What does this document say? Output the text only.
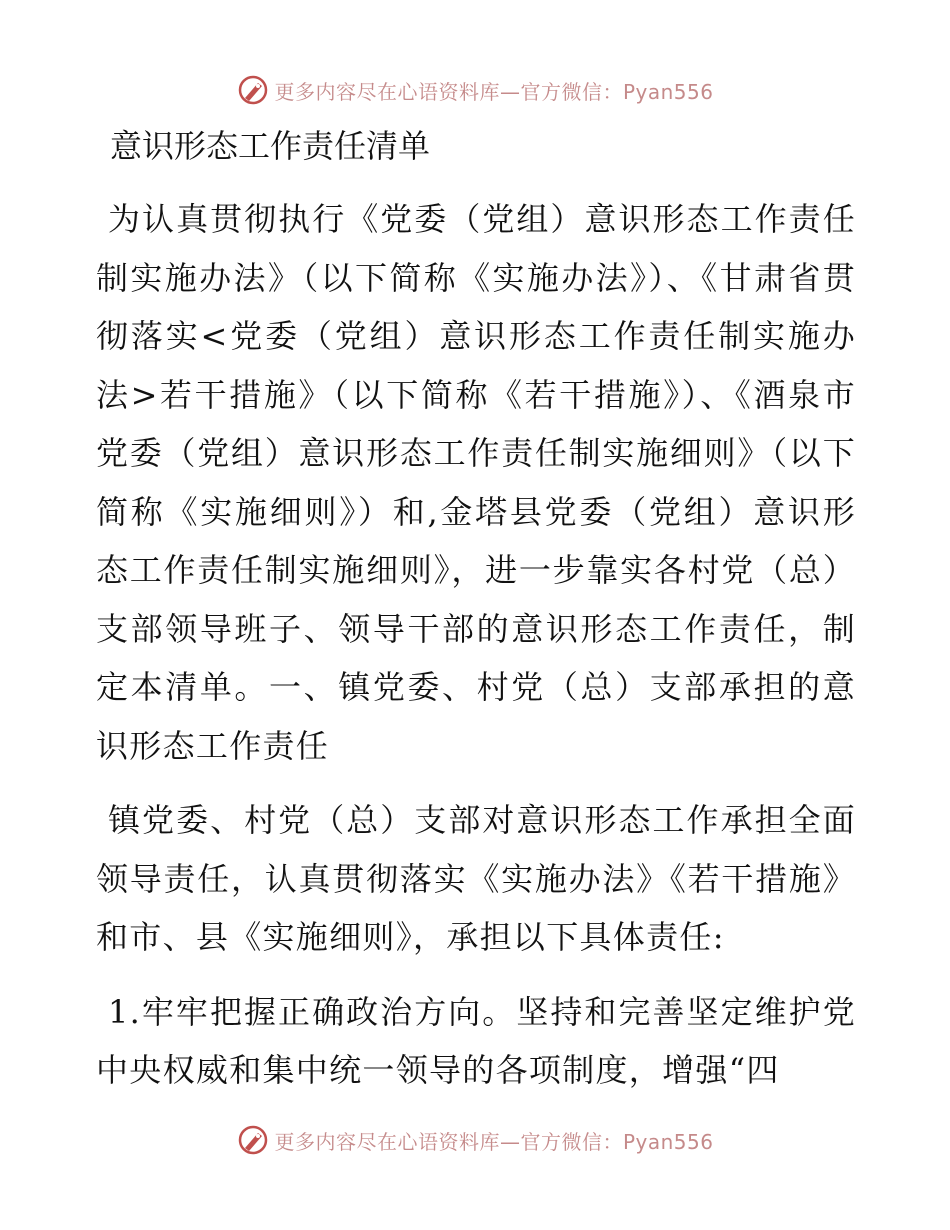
更多内容尽在心语资料库—官方微信：Pyan556
意识形态工作责任清单

为认真贯彻执行《党委（党组）意识形态工作责任制实施办法》（以下简称《实施办法》）、《甘肃省贯彻落实<党委（党组）意识形态工作责任制实施办法>若干措施》（以下简称《若干措施》）、《酒泉市党委（党组）意识形态工作责任制实施细则》（以下简称《实施细则》）和,金塔县党委（党组）意识形态工作责任制实施细则》，进一步靠实各村党（总）支部领导班子、领导干部的意识形态工作责任，制定本清单。一、镇党委、村党（总）支部承担的意识形态工作责任

镇党委、村党（总）支部对意识形态工作承担全面领导责任，认真贯彻落实《实施办法》《若干措施》和市、县《实施细则》，承担以下具体责任:

1.牢牢把握正确政治方向。坚持和完善坚定维护党中央权威和集中统一领导的各项制度，增强“四

更多内容尽在心语资料库—官方微信：Pyan556
